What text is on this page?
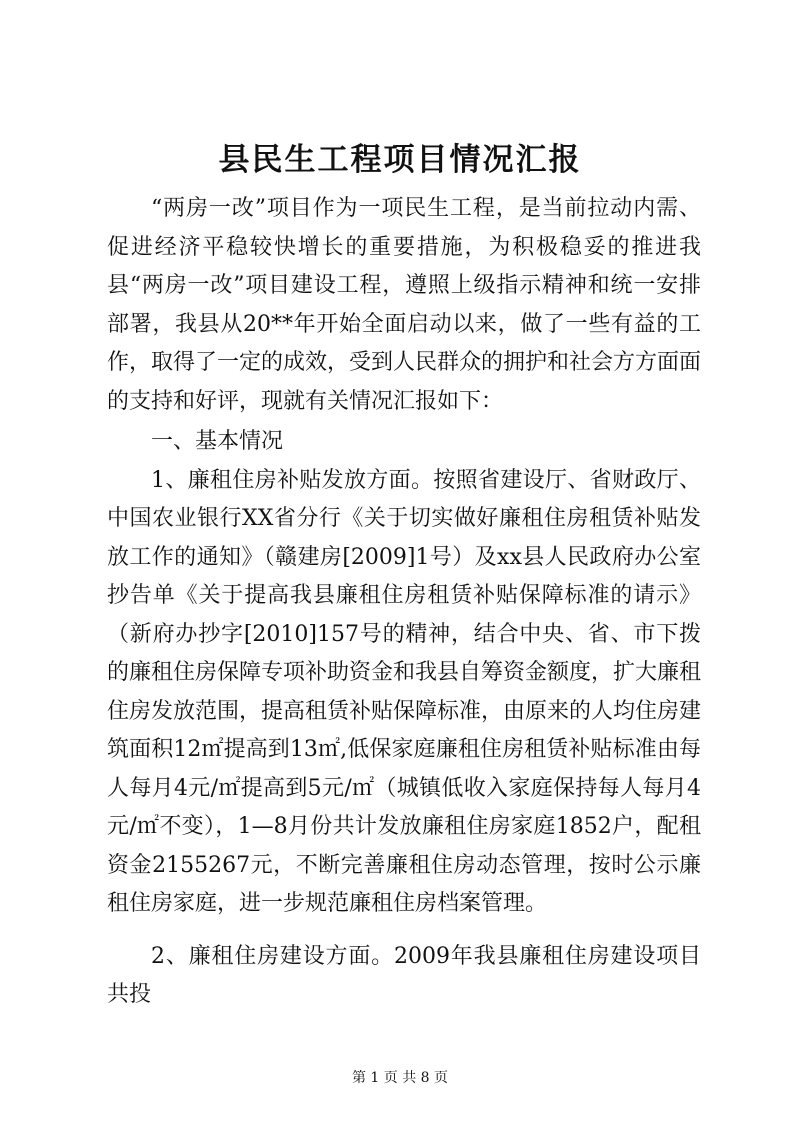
县民生工程项目情况汇报

“两房一改”项目作为一项民生工程，是当前拉动内需、促进经济平稳较快增长的重要措施，为积极稳妥的推进我县“两房一改”项目建设工程，遵照上级指示精神和统一安排部署，我县从20**年开始全面启动以来，做了一些有益的工作，取得了一定的成效，受到人民群众的拥护和社会方方面面的支持和好评，现就有关情况汇报如下：

一、基本情况

1、廉租住房补贴发放方面。按照省建设厅、省财政厅、中国农业银行XX省分行《关于切实做好廉租住房租赁补贴发放工作的通知》（赣建房[2009]1号）及xx县人民政府办公室抄告单《关于提高我县廉租住房租赁补贴保障标准的请示》（新府办抄字[2010]157号的精神，结合中央、省、市下拨的廉租住房保障专项补助资金和我县自筹资金额度，扩大廉租住房发放范围，提高租赁补贴保障标准，由原来的人均住房建筑面积12㎡提高到13㎡,低保家庭廉租住房租赁补贴标准由每人每月4元/㎡提高到5元/㎡（城镇低收入家庭保持每人每月4元/㎡不变），1—8月份共计发放廉租住房家庭1852户，配租资金2155267元，不断完善廉租住房动态管理，按时公示廉租住房家庭，进一步规范廉租住房档案管理。

2、廉租住房建设方面。2009年我县廉租住房建设项目共投

第 1 页 共 8 页
